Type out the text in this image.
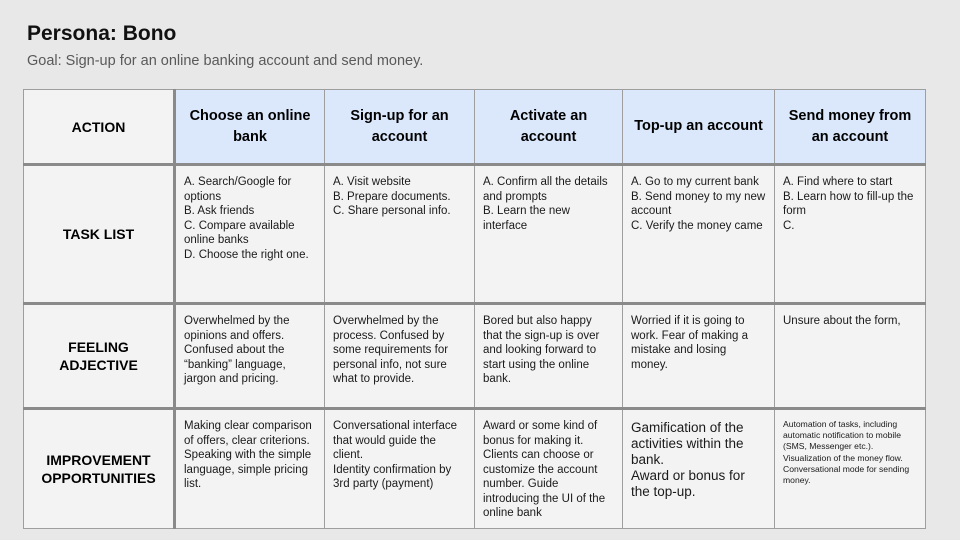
Persona: Bono
Goal: Sign-up for an online banking account and send money.
ACTION	Choose an online bank	Sign-up for an account	Activate an account	Top-up an account	Send money from an account
TASK LIST	A. Search/Google for options
B. Ask friends
C. Compare available online banks
D. Choose the right one.	A. Visit website
B. Prepare documents.
C. Share personal info.	A. Confirm all the details and prompts
B. Learn the new interface	A. Go to my current bank
B. Send money to my new account
C. Verify the money came	A. Find where to start
B. Learn how to fill-up the form
C.

FEELING ADJECTIVE	Overwhelmed by the opinions and offers. Confused about the “banking” language, jargon and pricing.	Overwhelmed by the process. Confused by some requirements for personal info, not sure what to provide.	Bored but also happy that the sign-up is over and looking forward to start using the online bank.	Worried if it is going to work. Fear of making a mistake and losing money.	Unsure about the form,

IMPROVEMENT OPPORTUNITIES	Making clear comparison of offers, clear criterions. Speaking with the simple language, simple pricing list.	Conversational interface that would guide the client.
Identity confirmation by 3rd party (payment)	Award or some kind of bonus for making it. Clients can choose or customize the account number. Guide introducing the UI of the online bank	Gamification of the activities within the bank.
Award or bonus for the top-up.	Automation of tasks, including automatic notification to mobile (SMS, Messenger etc.).
Visualization of the money flow.
Conversational mode for sending money.
